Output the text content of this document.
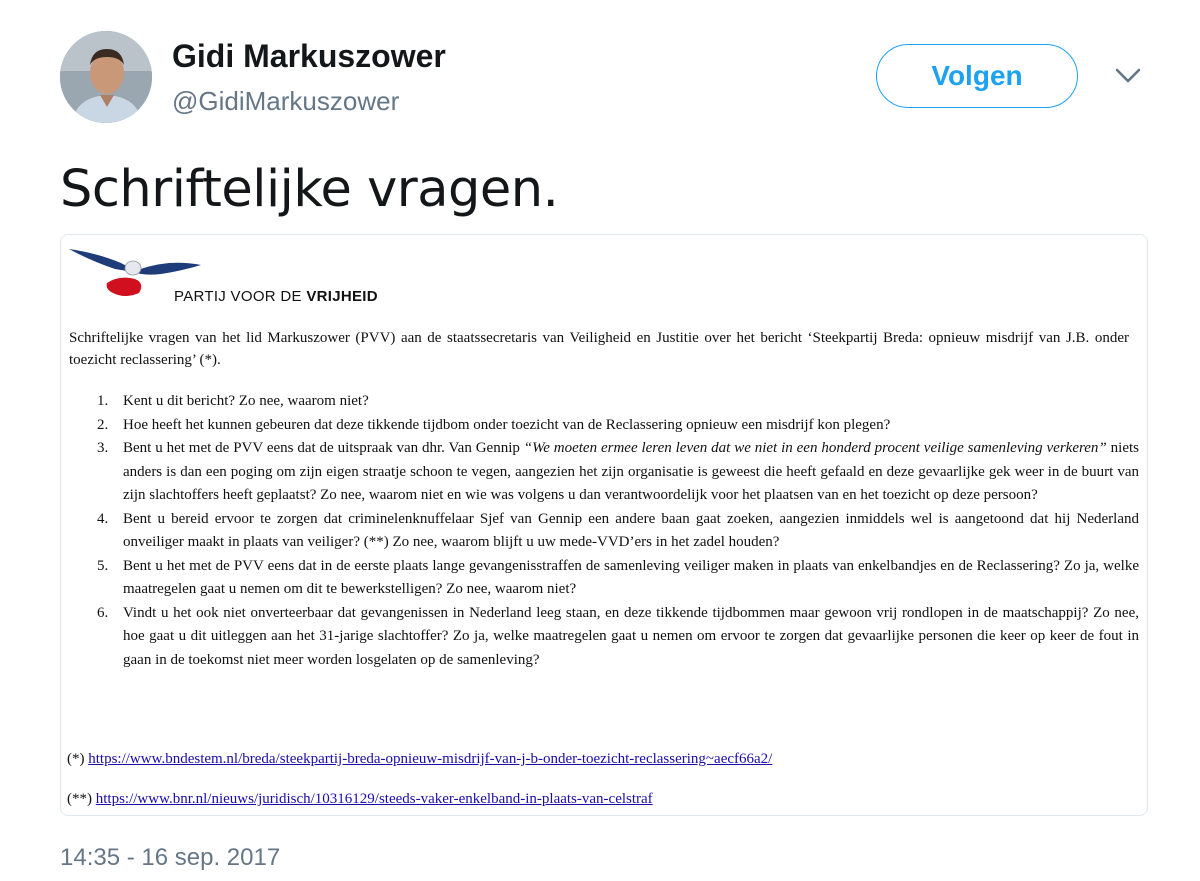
Gidi Markuszower
@GidiMarkuszower
Volgen
Schriftelijke vragen.
PARTIJ VOOR DE VRIJHEID
Schriftelijke vragen van het lid Markuszower (PVV) aan de staatssecretaris van Veiligheid en Justitie over het bericht ‘Steekpartij Breda: opnieuw misdrijf van J.B. onder toezicht reclassering’ (*).
1. Kent u dit bericht? Zo nee, waarom niet?
2. Hoe heeft het kunnen gebeuren dat deze tikkende tijdbom onder toezicht van de Reclassering opnieuw een misdrijf kon plegen?
3. Bent u het met de PVV eens dat de uitspraak van dhr. Van Gennip “We moeten ermee leren leven dat we niet in een honderd procent veilige samenleving verkeren” niets anders is dan een poging om zijn eigen straatje schoon te vegen, aangezien het zijn organisatie is geweest die heeft gefaald en deze gevaarlijke gek weer in de buurt van zijn slachtoffers heeft geplaatst? Zo nee, waarom niet en wie was volgens u dan verantwoordelijk voor het plaatsen van en het toezicht op deze persoon?
4. Bent u bereid ervoor te zorgen dat criminelenknuffelaar Sjef van Gennip een andere baan gaat zoeken, aangezien inmiddels wel is aangetoond dat hij Nederland onveiliger maakt in plaats van veiliger? (**) Zo nee, waarom blijft u uw mede-VVD’ers in het zadel houden?
5. Bent u het met de PVV eens dat in de eerste plaats lange gevangenisstraffen de samenleving veiliger maken in plaats van enkelbandjes en de Reclassering? Zo ja, welke maatregelen gaat u nemen om dit te bewerkstelligen? Zo nee, waarom niet?
6. Vindt u het ook niet onverteerbaar dat gevangenissen in Nederland leeg staan, en deze tikkende tijdbommen maar gewoon vrij rondlopen in de maatschappij? Zo nee, hoe gaat u dit uitleggen aan het 31-jarige slachtoffer? Zo ja, welke maatregelen gaat u nemen om ervoor te zorgen dat gevaarlijke personen die keer op keer de fout in gaan in de toekomst niet meer worden losgelaten op de samenleving?
(*) https://www.bndestem.nl/breda/steekpartij-breda-opnieuw-misdrijf-van-j-b-onder-toezicht-reclassering~aecf66a2/
(**) https://www.bnr.nl/nieuws/juridisch/10316129/steeds-vaker-enkelband-in-plaats-van-celstraf
14:35 - 16 sep. 2017
